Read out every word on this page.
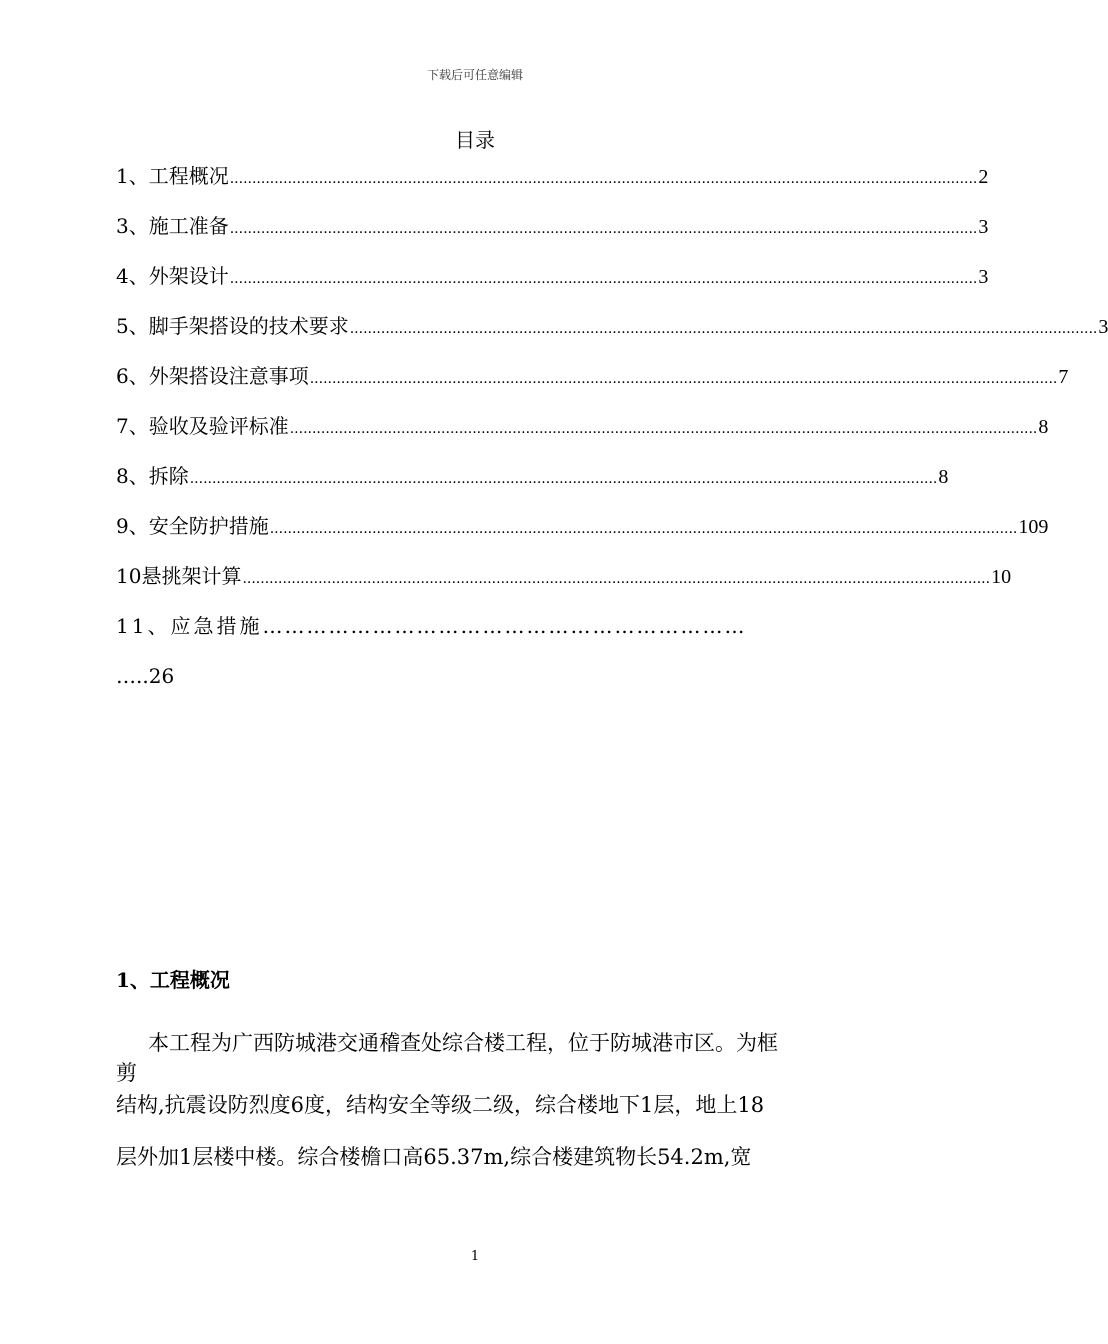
下载后可任意编辑
目录
1、工程概况 ........................................................................................................................................................................ 2
3、施工准备 ........................................................................................................................................................................ 3
4、外架设计 ........................................................................................................................................................................ 3
5、脚手架搭设的技术要求 ........................................................................................................................................................................ 3
6、外架搭设注意事项 ........................................................................................................................................................................ 7
7、验收及验评标准 ........................................................................................................................................................................ 8
8、拆除 ........................................................................................................................................................................ 8
9、安全防护措施 ........................................................................................................................................................................ 109
10悬挑架计算 ........................................................................................................................................................................ 10
11、应急措施…………………………………………………………
…..26
1、工程概况
本工程为广西防城港交通稽查处综合楼工程，位于防城港市区。为框
剪
结构,抗震设防烈度6度，结构安全等级二级，综合楼地下1层，地上18
层外加1层楼中楼。综合楼檐口高65.37m,综合楼建筑物长54.2m,宽
1
